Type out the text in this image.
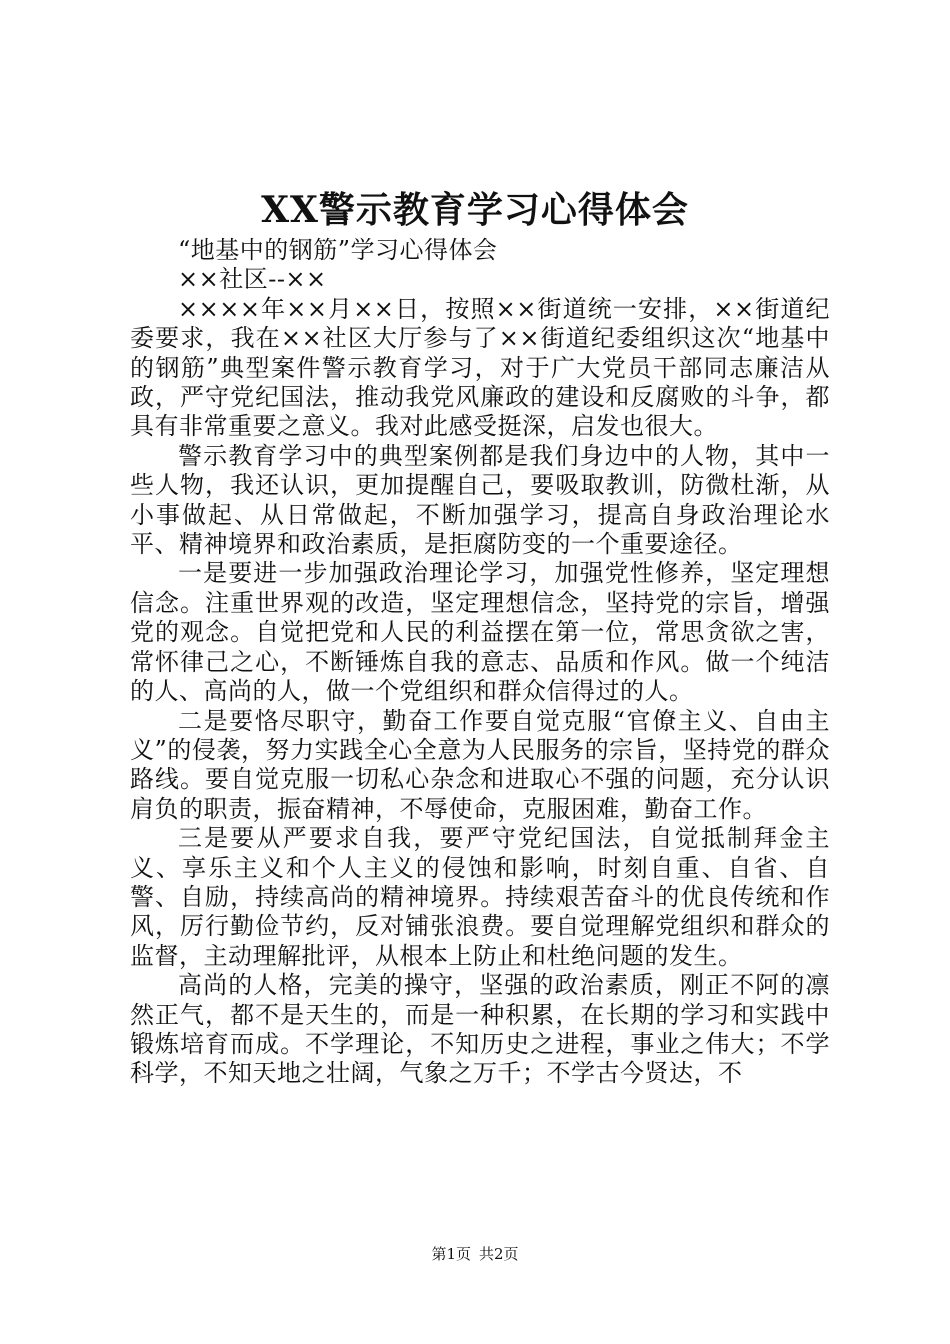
XX警示教育学习心得体会

“地基中的钢筋”学习心得体会

××社区--××

××××年××月××日，按照××街道统一安排，××街道纪委要求，我在××社区大厅参与了××街道纪委组织这次“地基中的钢筋”典型案件警示教育学习，对于广大党员干部同志廉洁从政，严守党纪国法，推动我党风廉政的建设和反腐败的斗争，都具有非常重要之意义。我对此感受挺深，启发也很大。

警示教育学习中的典型案例都是我们身边中的人物，其中一些人物，我还认识，更加提醒自己，要吸取教训，防微杜渐，从小事做起、从日常做起，不断加强学习，提高自身政治理论水平、精神境界和政治素质，是拒腐防变的一个重要途径。

一是要进一步加强政治理论学习，加强党性修养，坚定理想信念。注重世界观的改造，坚定理想信念，坚持党的宗旨，增强党的观念。自觉把党和人民的利益摆在第一位，常思贪欲之害，常怀律己之心，不断锤炼自我的意志、品质和作风。做一个纯洁的人、高尚的人，做一个党组织和群众信得过的人。

二是要恪尽职守，勤奋工作要自觉克服“官僚主义、自由主义”的侵袭，努力实践全心全意为人民服务的宗旨，坚持党的群众路线。要自觉克服一切私心杂念和进取心不强的问题，充分认识肩负的职责，振奋精神，不辱使命，克服困难，勤奋工作。

三是要从严要求自我，要严守党纪国法，自觉抵制拜金主义、享乐主义和个人主义的侵蚀和影响，时刻自重、自省、自警、自励，持续高尚的精神境界。持续艰苦奋斗的优良传统和作风，厉行勤俭节约，反对铺张浪费。要自觉理解党组织和群众的监督，主动理解批评，从根本上防止和杜绝问题的发生。

高尚的人格，完美的操守，坚强的政治素质，刚正不阿的凛然正气，都不是天生的，而是一种积累，在长期的学习和实践中锻炼培育而成。不学理论，不知历史之进程，事业之伟大；不学科学，不知天地之壮阔，气象之万千；不学古今贤达，不

第1页 共2页
